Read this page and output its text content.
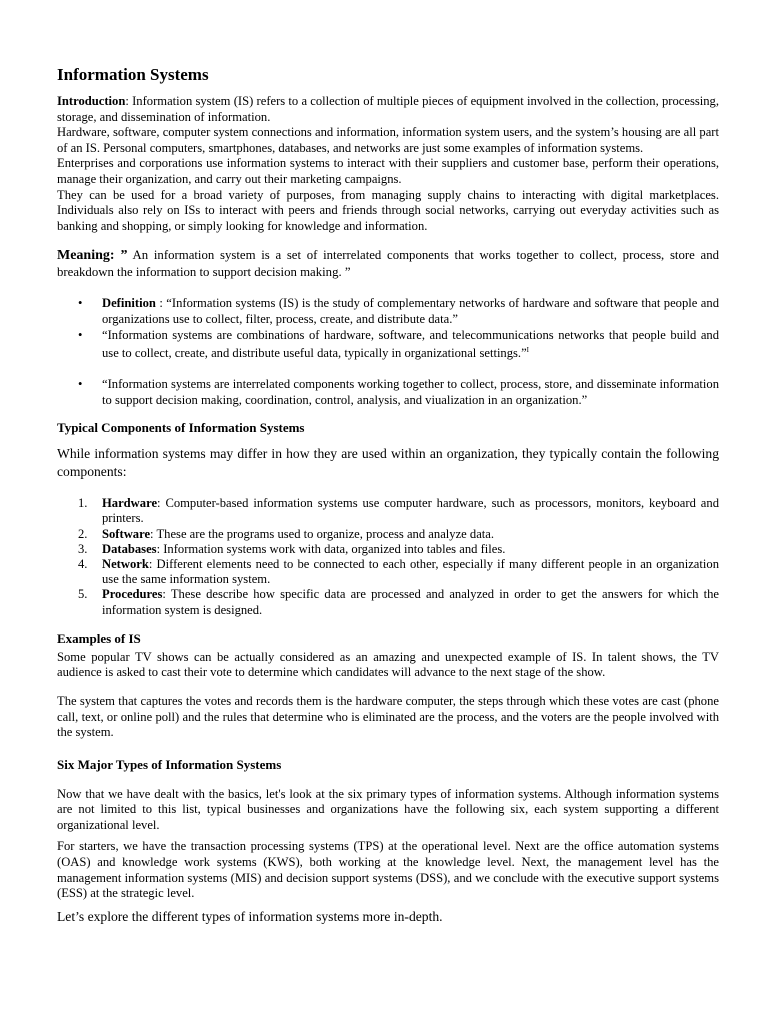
Information Systems

Introduction: Information system (IS) refers to a collection of multiple pieces of equipment involved in the collection, processing, storage, and dissemination of information.

Hardware, software, computer system connections and information, information system users, and the system’s housing are all part of an IS. Personal computers, smartphones, databases, and networks are just some examples of information systems.

Enterprises and corporations use information systems to interact with their suppliers and customer base, perform their operations, manage their organization, and carry out their marketing campaigns.

They can be used for a broad variety of purposes, from managing supply chains to interacting with digital marketplaces. Individuals also rely on ISs to interact with peers and friends through social networks, carrying out everyday activities such as banking and shopping, or simply looking for knowledge and information.

Meaning: ” An information system is a set of interrelated components that works together to collect, process, store and breakdown the information to support decision making. ”

• Definition : “Information systems (IS) is the study of complementary networks of hardware and software that people and organizations use to collect, filter, process, create, and distribute data.”
• “Information systems are combinations of hardware, software, and telecommunications networks that people build and use to collect, create, and distribute useful data, typically in organizational settings.”$^I$
• “Information systems are interrelated components working together to collect, process, store, and disseminate information to support decision making, coordination, control, analysis, and viualization in an organization.”
Typical Components of Information Systems

While information systems may differ in how they are used within an organization, they typically contain the following components:

1. Hardware: Computer-based information systems use computer hardware, such as processors, monitors, keyboard and printers.
2. Software: These are the programs used to organize, process and analyze data.
3. Databases: Information systems work with data, organized into tables and files.
4. Network: Different elements need to be connected to each other, especially if many different people in an organization use the same information system.
5. Procedures: These describe how specific data are processed and analyzed in order to get the answers for which the information system is designed.
Examples of IS

Some popular TV shows can be actually considered as an amazing and unexpected example of IS. In talent shows, the TV audience is asked to cast their vote to determine which candidates will advance to the next stage of the show.

The system that captures the votes and records them is the hardware computer, the steps through which these votes are cast (phone call, text, or online poll) and the rules that determine who is eliminated are the process, and the voters are the people involved with the system.

Six Major Types of Information Systems

Now that we have dealt with the basics, let's look at the six primary types of information systems. Although information systems are not limited to this list, typical businesses and organizations have the following six, each system supporting a different organizational level.

For starters, we have the transaction processing systems (TPS) at the operational level. Next are the office automation systems (OAS) and knowledge work systems (KWS), both working at the knowledge level. Next, the management level has the management information systems (MIS) and decision support systems (DSS), and we conclude with the executive support systems (ESS) at the strategic level.

Let’s explore the different types of information systems more in-depth.
